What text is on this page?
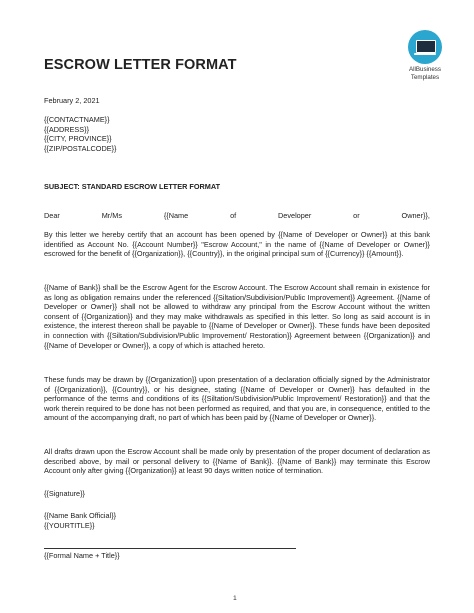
AllBusiness
Templates
ESCROW LETTER FORMAT
February 2, 2021
{{CONTACTNAME}}
{{ADDRESS}}
{{CITY, PROVINCE}}
{{ZIP/POSTALCODE}}
SUBJECT: STANDARD ESCROW LETTER FORMAT
Dear	Mr/Ms	{{Name	of	Developer	or	Owner}},
By this letter we hereby certify that an account has been opened by {{Name of Developer or Owner}} at this bank identified as Account No. {{Account Number}} "Escrow Account," in the name of {{Name of Developer or Owner}} escrowed for the benefit of {{Organization}}, {{Country}}, in the original principal sum of {{Currency}} {{Amount}}.
{{Name of Bank}} shall be the Escrow Agent for the Escrow Account. The Escrow Account shall remain in existence for as long as obligation remains under the referenced {{Siltation/Subdivision/Public Improvement}} Agreement. {{Name of Developer or Owner}} shall not be allowed to withdraw any principal from the Escrow Account without the written consent of {{Organization}} and they may make withdrawals as specified in this letter. So long as said account is in existence, the interest thereon shall be payable to {{Name of Developer or Owner}}. These funds have been deposited in connection with {{Siltation/Subdivision/Public Improvement/ Restoration}} Agreement between {{Organization}} and {{Name of Developer or Owner}}, a copy of which is attached hereto.
These funds may be drawn by {{Organization}} upon presentation of a declaration officially signed by the Administrator of {{Organization}}, {{Country}}, or his designee, stating {{Name of Developer or Owner}} has defaulted in the performance of the terms and conditions of its {{Siltation/Subdivision/Public Improvement/ Restoration}} and that the work therein required to be done has not been performed as required, and that you are, in consequence, entitled to the amount of the accompanying draft, no part of which has been paid by {{Name of Developer or Owner}}.
All drafts drawn upon the Escrow Account shall be made only by presentation of the proper document of declaration as described above, by mail or personal delivery to {{Name of Bank}}. {{Name of Bank}} may terminate this Escrow Account only after giving {{Organization}} at least 90 days written notice of termination.
{{Signature}}
{{Name Bank Official}}
{{YOURTITLE}}
{{Formal Name + Title}}
1
